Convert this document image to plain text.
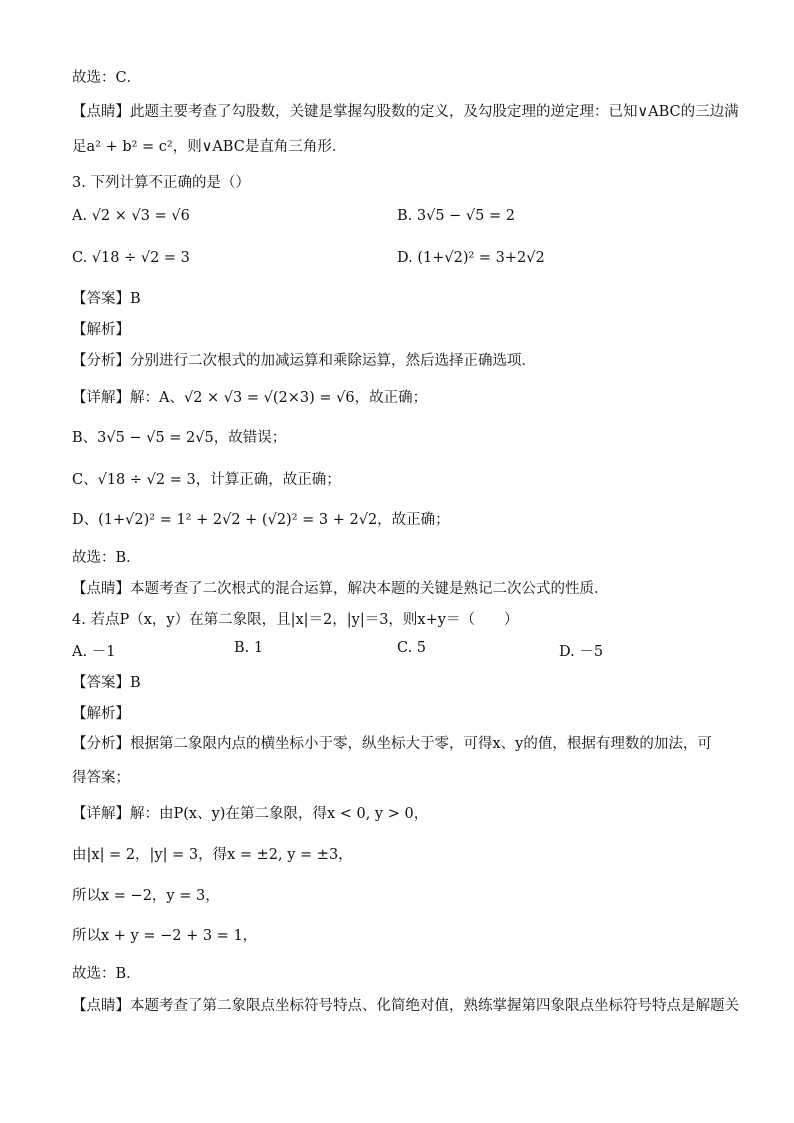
故选：C．
【点睛】此题主要考查了勾股数，关键是掌握勾股数的定义，及勾股定理的逆定理：已知∨ABC的三边满
足a² + b² = c²，则∨ABC是直角三角形．
3. 下列计算不正确的是（）
A. √2 × √3 = √6	B. 3√5 − √5 = 2
C. √18 ÷ √2 = 3	D. (1+√2)² = 3+2√2
【答案】B
【解析】
【分析】分别进行二次根式的加减运算和乘除运算，然后选择正确选项．
【详解】解：A、√2 × √3 = √(2×3) = √6，故正确；
B、3√5 − √5 = 2√5，故错误；
C、√18 ÷ √2 = 3，计算正确，故正确；
D、(1+√2)² = 1² + 2√2 + (√2)² = 3 + 2√2，故正确；
故选：B．
【点睛】本题考查了二次根式的混合运算，解决本题的关键是熟记二次公式的性质．
4. 若点P（x，y）在第二象限，且|x|＝2，|y|＝3，则x+y＝（　　）
A. －1	B. 1	C. 5	D. －5
【答案】B
【解析】
【分析】根据第二象限内点的横坐标小于零，纵坐标大于零，可得x、y的值，根据有理数的加法，可得答案；
【详解】解：由P(x、y)在第二象限，得x < 0, y > 0，
由|x| = 2，|y| = 3，得x = ±2, y = ±3，
所以x = −2，y = 3，
所以x + y = −2 + 3 = 1，
故选：B．
【点睛】本题考查了第二象限点坐标符号特点、化简绝对值，熟练掌握第四象限点坐标符号特点是解题关
